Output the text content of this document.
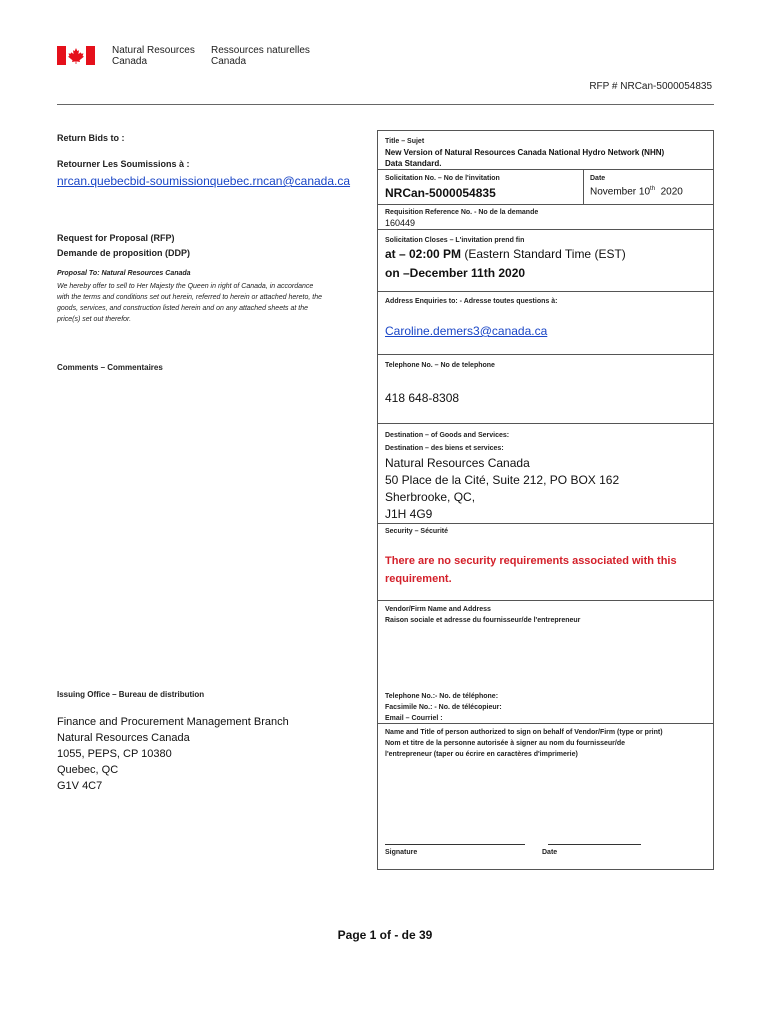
Natural Resources
Canada
Ressources naturelles
Canada
RFP # NRCan-5000054835
Return Bids to :
Retourner Les Soumissions à :
nrcan.quebecbid-soumissionquebec.rncan@canada.ca
Request for Proposal (RFP)
Demande de proposition (DDP)
Proposal To: Natural Resources Canada
We hereby offer to sell to Her Majesty the Queen in right of Canada, in accordance
with the terms and conditions set out herein, referred to herein or attached hereto, the
goods, services, and construction listed herein and on any attached sheets at the
price(s) set out therefor.
Comments – Commentaires
Issuing Office – Bureau de distribution
Finance and Procurement Management Branch
Natural Resources Canada
1055, PEPS, CP 10380
Quebec, QC
G1V 4C7
Title – Sujet
New Version of Natural Resources Canada National Hydro Network (NHN)
Data Standard.
Solicitation No. – No de l'invitation
NRCan-5000054835
Date
November 10th 2020
Requisition Reference No. - No de la demande
160449
Solicitation Closes – L'invitation prend fin
at – 02:00 PM (Eastern Standard Time (EST)
on –December 11th 2020
Address Enquiries to: - Adresse toutes questions à:
Caroline.demers3@canada.ca
Telephone No. – No de telephone
418 648-8308
Destination – of Goods and Services:
Destination – des biens et services:
Natural Resources Canada
50 Place de la Cité, Suite 212, PO BOX 162
Sherbrooke, QC,
J1H 4G9
Security – Sécurité
There are no security requirements associated with this
requirement.
Vendor/Firm Name and Address
Raison sociale et adresse du fournisseur/de l'entrepreneur
Telephone No.:- No. de téléphone:
Facsimile No.: - No. de télécopieur:
Email – Courriel :
Name and Title of person authorized to sign on behalf of Vendor/Firm (type or print)
Nom et titre de la personne autorisée à signer au nom du fournisseur/de
l'entrepreneur (taper ou écrire en caractères d'imprimerie)
Signature	Date
Page 1 of - de 39
